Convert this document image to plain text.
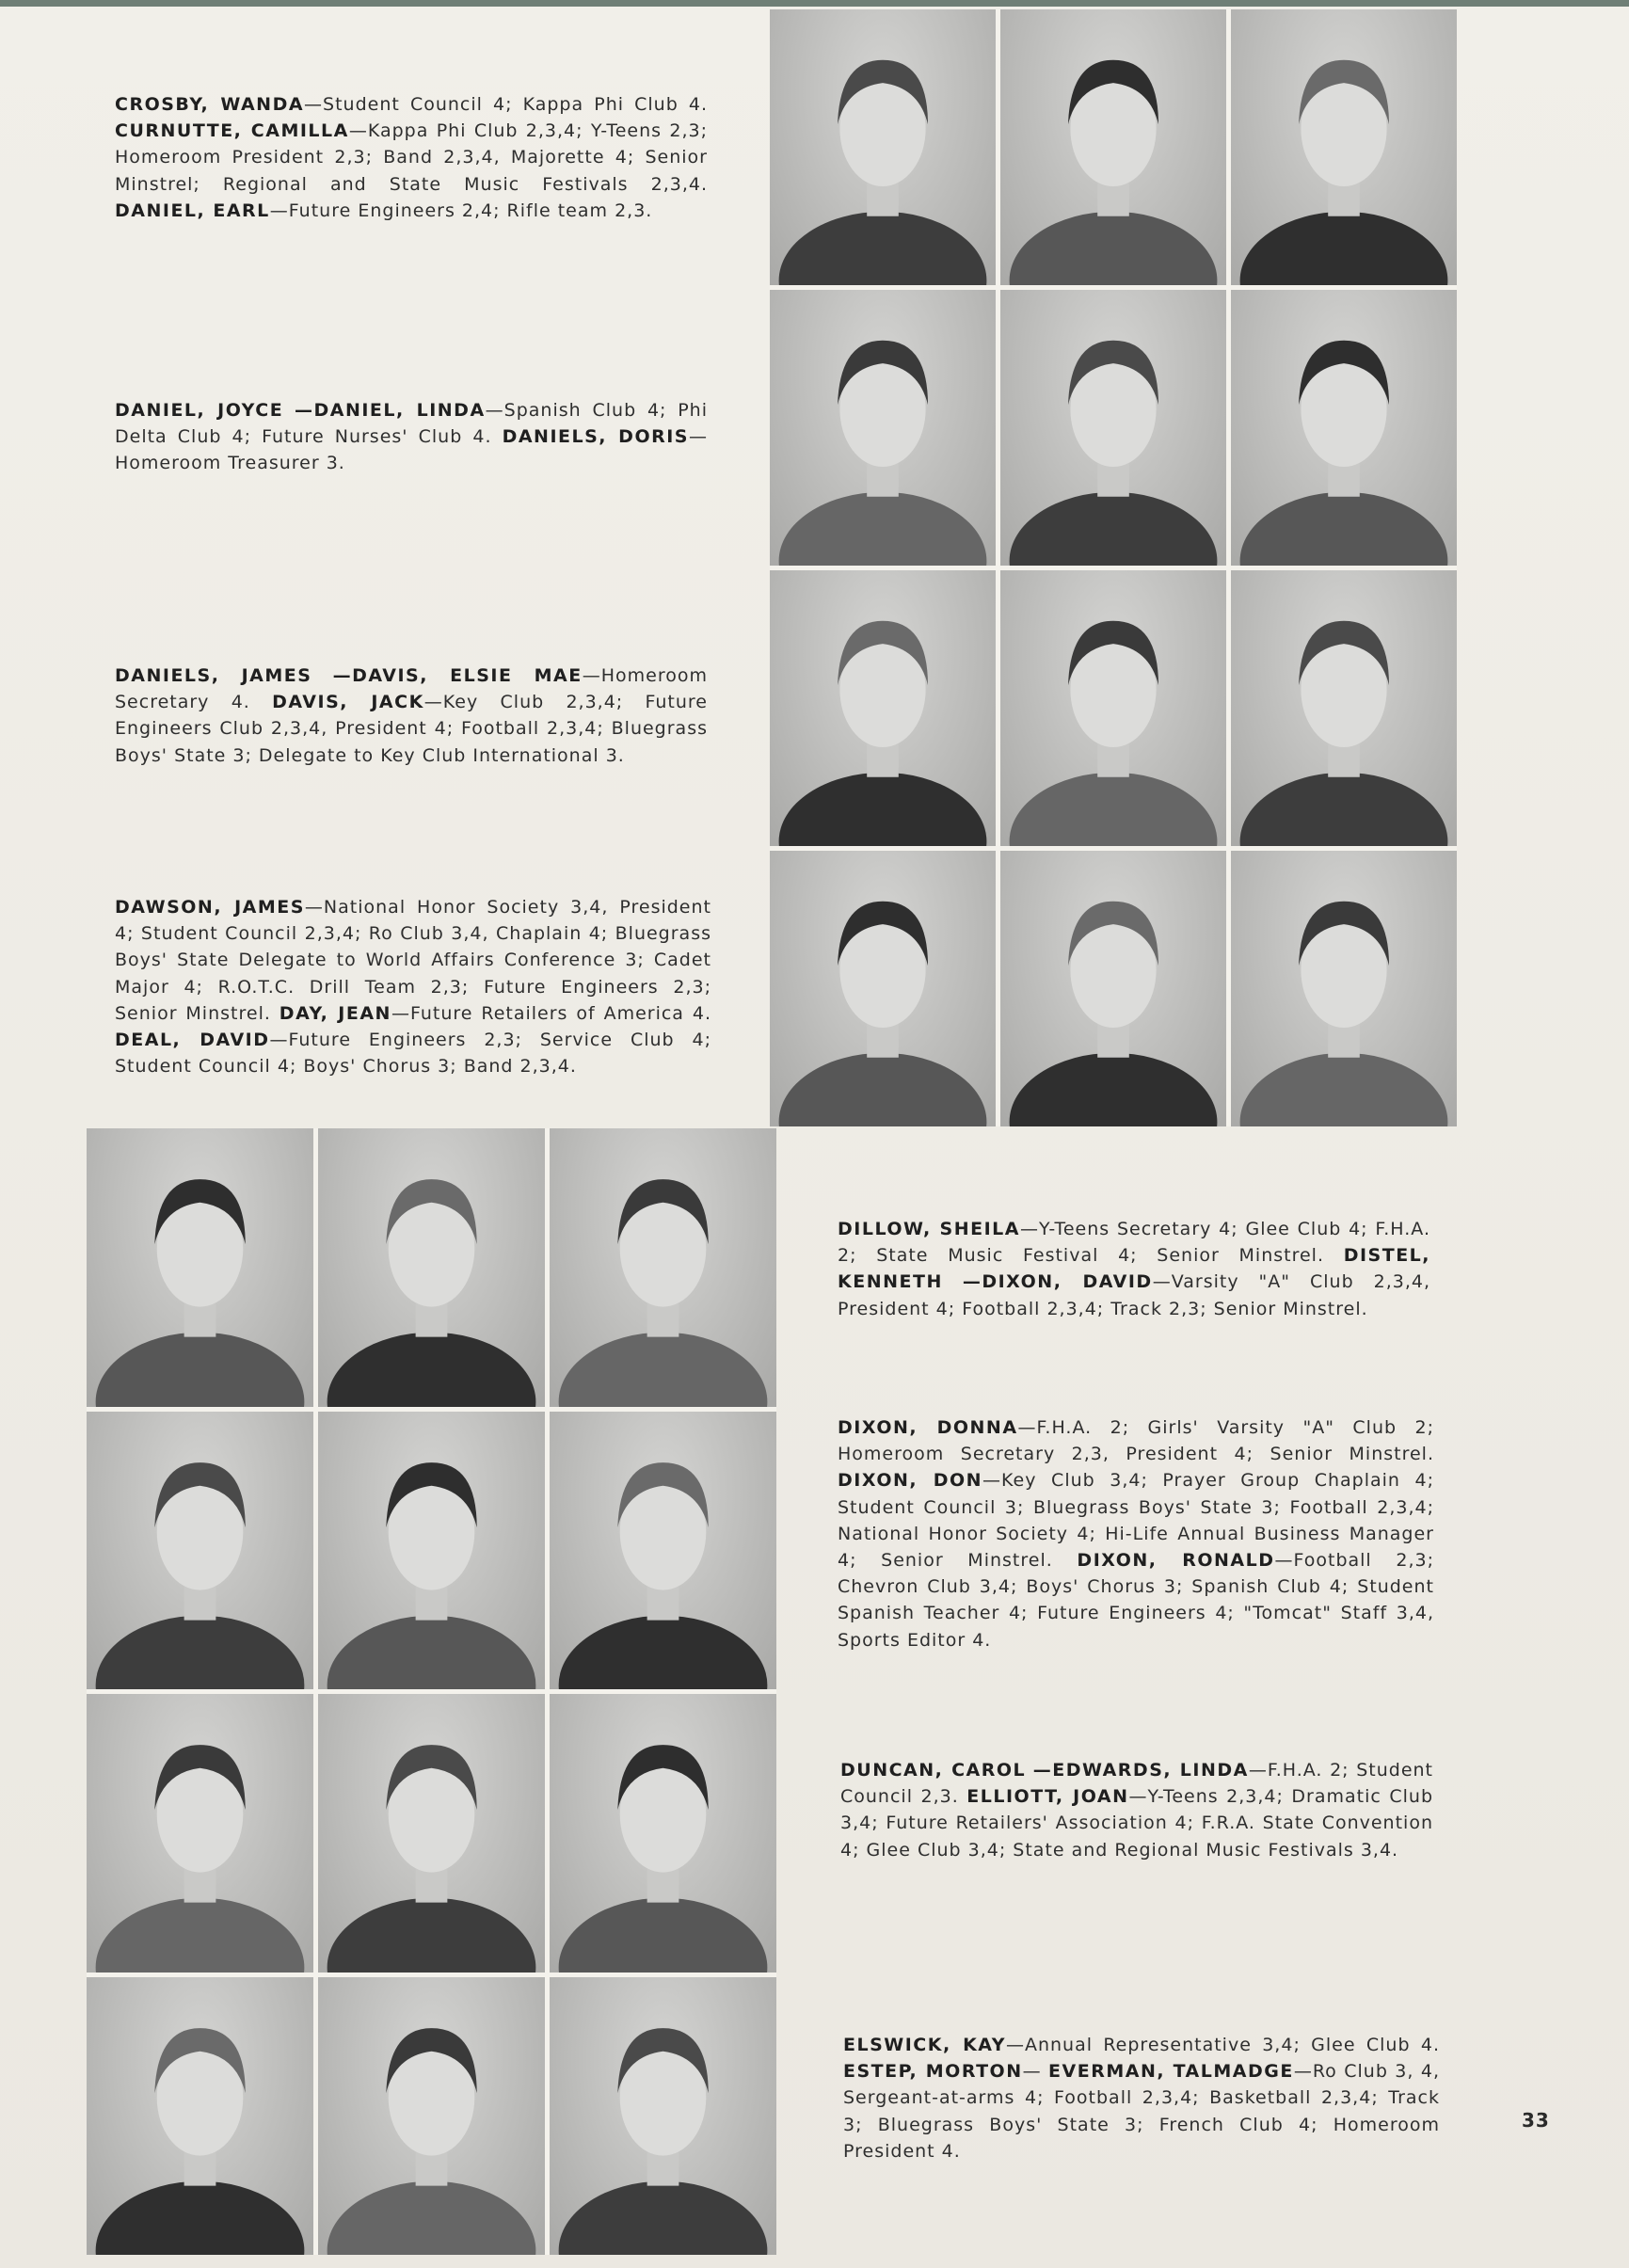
CROSBY, WANDA

—Student Council 4; Kappa Phi Club 4.

CURNUTTE, CAMILLA

—Kappa Phi Club 2,3,4; Y-Teens 2,3; Homeroom President 2,3; Band 2,3,4, Majorette 4; Senior Minstrel; Regional and State Music Festivals 2,3,4.

DANIEL, EARL

—Future Engineers 2,4; Rifle team 2,3.

DANIEL, JOYCE —DANIEL, LINDA

—Spanish Club 4; Phi Delta Club 4; Future Nurses' Club 4.

DANIELS, DORIS

—Homeroom Treasurer 3.

DANIELS, JAMES —DAVIS, ELSIE MAE

—Homeroom Secretary 4.

DAVIS, JACK

—Key Club 2,3,4; Future Engineers Club 2,3,4, President 4; Football 2,3,4; Bluegrass Boys' State 3; Delegate to Key Club International 3.

DAWSON, JAMES

—National Honor Society 3,4, President 4; Student Council 2,3,4; Ro Club 3,4, Chaplain 4; Bluegrass Boys' State Delegate to World Affairs Conference 3; Cadet Major 4; R.O.T.C. Drill Team 2,3; Future Engineers 2,3; Senior Minstrel.

DAY, JEAN

—Future Retailers of America 4.

DEAL, DAVID

—Future Engineers 2,3; Service Club 4; Student Council 4; Boys' Chorus 3; Band 2,3,4.

DILLOW, SHEILA

—Y-Teens Secretary 4; Glee Club 4; F.H.A. 2; State Music Festival 4; Senior Minstrel.

DISTEL, KENNETH —DIXON, DAVID

—Varsity "A" Club 2,3,4, President 4; Football 2,3,4; Track 2,3; Senior Minstrel.

DIXON, DONNA

—F.H.A. 2; Girls' Varsity "A" Club 2; Homeroom Secretary 2,3, President 4; Senior Minstrel.

DIXON, DON

—Key Club 3,4; Prayer Group Chaplain 4; Student Council 3; Bluegrass Boys' State 3; Football 2,3,4; National Honor Society 4; Hi-Life Annual Business Manager 4; Senior Minstrel.

DIXON, RONALD

—Football 2,3; Chevron Club 3,4; Boys' Chorus 3; Spanish Club 4; Student Spanish Teacher 4; Future Engineers 4; "Tomcat" Staff 3,4, Sports Editor 4.

DUNCAN, CAROL —EDWARDS, LINDA

—F.H.A. 2; Student Council 2,3.

ELLIOTT, JOAN

—Y-Teens 2,3,4; Dramatic Club 3,4; Future Retailers' Association 4; F.R.A. State Convention 4; Glee Club 3,4; State and Regional Music Festivals 3,4.

ELSWICK, KAY

—Annual Representative 3,4; Glee Club 4.

ESTEP, MORTON

—

EVERMAN, TALMADGE

—Ro Club 3, 4, Sergeant-at-arms 4; Football 2,3,4; Basketball 2,3,4; Track 3; Bluegrass Boys' State 3; French Club 4; Homeroom President 4.

33
